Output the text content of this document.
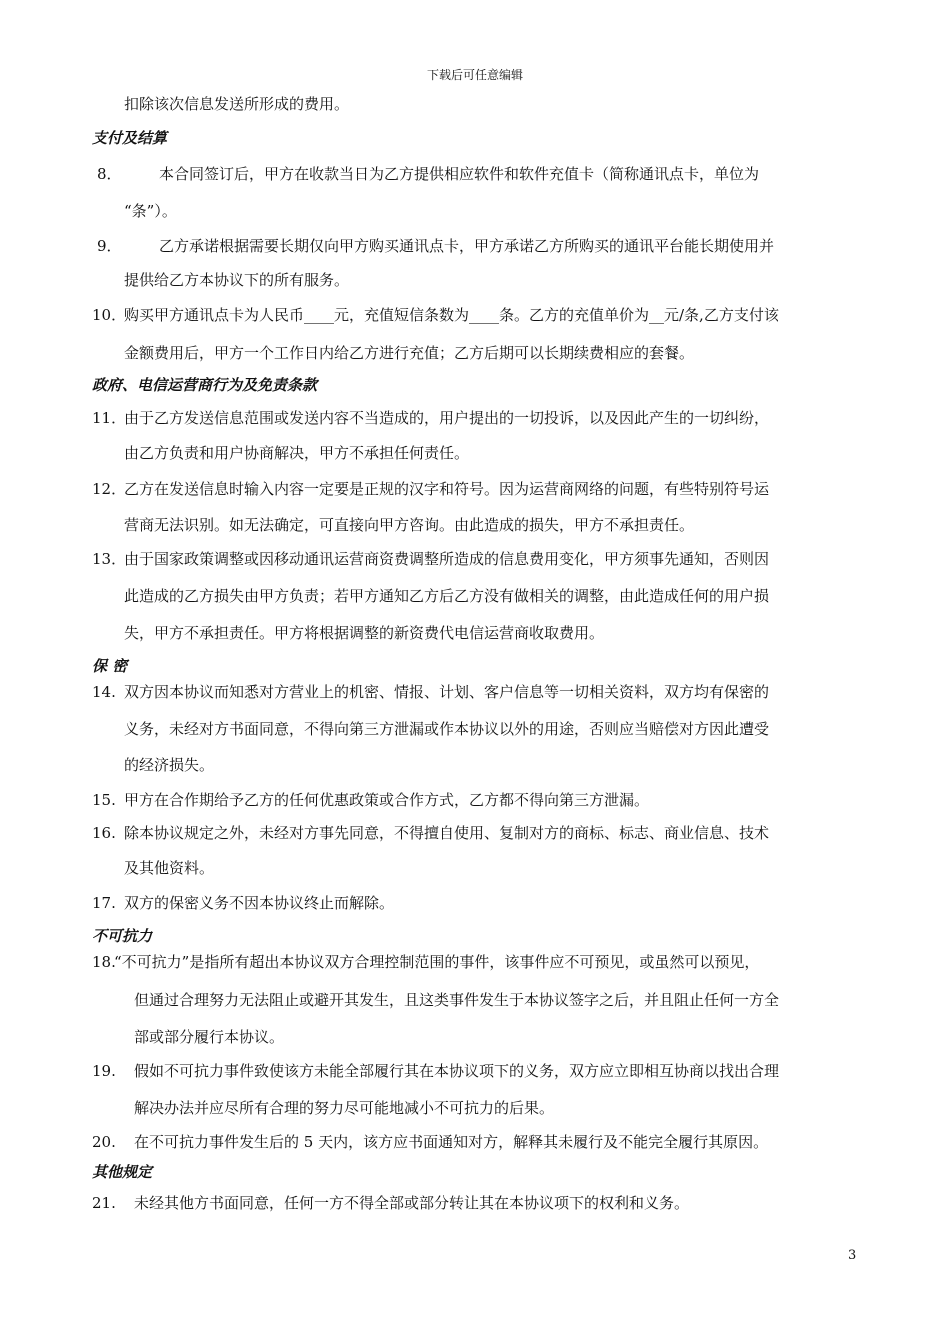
下载后可任意编辑
扣除该次信息发送所形成的费用。
支付及结算
8． 本合同签订后，甲方在收款当日为乙方提供相应软件和软件充值卡（简称通讯点卡，单位为
“条”）。
9． 乙方承诺根据需要长期仅向甲方购买通讯点卡，甲方承诺乙方所购买的通讯平台能长期使用并
提供给乙方本协议下的所有服务。
10．
购买甲方通讯点卡为人民币____元，充值短信条数为____条。乙方的充值单价为__元/条,乙方支付该
金额费用后，甲方一个工作日内给乙方进行充值；乙方后期可以长期续费相应的套餐。
政府、电信运营商行为及免责条款
11．
由于乙方发送信息范围或发送内容不当造成的，用户提出的一切投诉，以及因此产生的一切纠纷，
由乙方负责和用户协商解决，甲方不承担任何责任。
12．
乙方在发送信息时输入内容一定要是正规的汉字和符号。因为运营商网络的问题，有些特别符号运
营商无法识别。如无法确定，可直接向甲方咨询。由此造成的损失，甲方不承担责任。
13．
由于国家政策调整或因移动通讯运营商资费调整所造成的信息费用变化，甲方须事先通知，否则因
此造成的乙方损失由甲方负责；若甲方通知乙方后乙方没有做相关的调整，由此造成任何的用户损
失，甲方不承担责任。甲方将根据调整的新资费代电信运营商收取费用。
保 密
14. 双方因本协议而知悉对方营业上的机密、情报、计划、客户信息等一切相关资料，双方均有保密的
义务，未经对方书面同意，不得向第三方泄漏或作本协议以外的用途，否则应当赔偿对方因此遭受
的经济损失。
15. 甲方在合作期给予乙方的任何优惠政策或合作方式，乙方都不得向第三方泄漏。
16. 除本协议规定之外，未经对方事先同意，不得擅自使用、复制对方的商标、标志、商业信息、技术
及其他资料。
17. 双方的保密义务不因本协议终止而解除。
不可抗力
18.
“不可抗力”是指所有超出本协议双方合理控制范围的事件，该事件应不可预见，或虽然可以预见，
但通过合理努力无法阻止或避开其发生，且这类事件发生于本协议签字之后，并且阻止任何一方全
部或部分履行本协议。
19. 假如不可抗力事件致使该方未能全部履行其在本协议项下的义务，双方应立即相互协商以找出合理
解决办法并应尽所有合理的努力尽可能地减小不可抗力的后果。
20. 在不可抗力事件发生后的 5 天内，该方应书面通知对方，解释其未履行及不能完全履行其原因。
其他规定
21. 未经其他方书面同意，任何一方不得全部或部分转让其在本协议项下的权利和义务。
3
